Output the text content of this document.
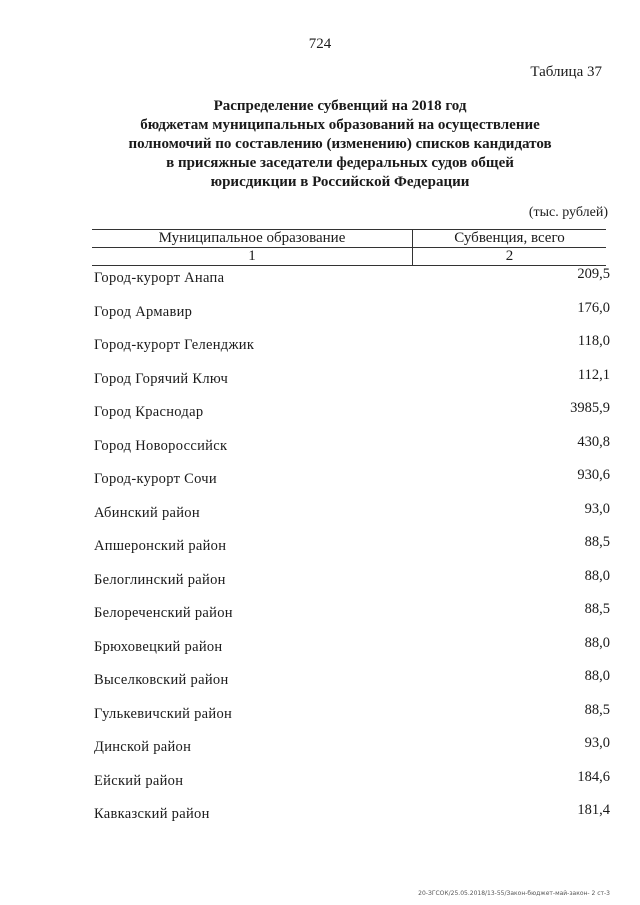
724
Таблица 37
Распределение субвенций на 2018 год
бюджетам муниципальных образований на осуществление
полномочий по составлению (изменению) списков кандидатов
в присяжные заседатели федеральных судов общей
юрисдикции в Российской Федерации
(тыс. рублей)
Муниципальное образование	Субвенция, всего
1	2
Город-курорт Анапа	209,5
Город Армавир	176,0
Город-курорт Геленджик	118,0
Город Горячий Ключ	112,1
Город Краснодар	3985,9
Город Новороссийск	430,8
Город-курорт Сочи	930,6
Абинский район	93,0
Апшеронский район	88,5
Белоглинский район	88,0
Белореченский район	88,5
Брюховецкий район	88,0
Выселковский район	88,0
Гулькевичский район	88,5
Динской район	93,0
Ейский район	184,6
Кавказский район	181,4
20-ЗГСОК/25.05.2018/13-55/Закон-бюджет-май-закон- 2 ст-3
